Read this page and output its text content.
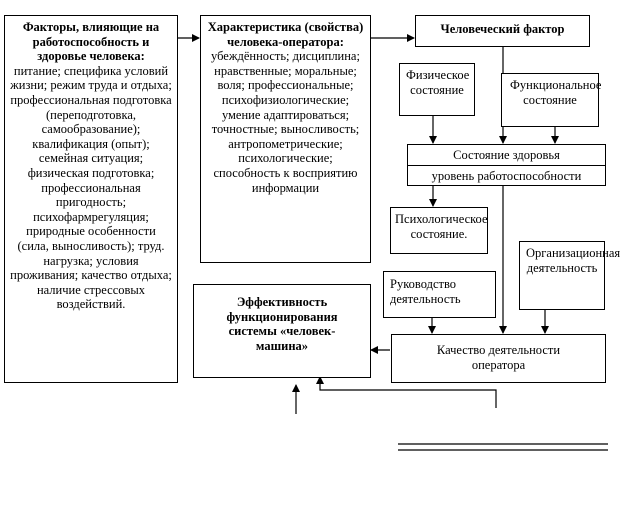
Факторы, влияющие на работоспособность и здоровье человека:
питание; специфика условий жизни; режим труда и отдыха; профессиональная подготовка (переподготовка, самообразование); квалификация (опыт); семейная ситуация; физическая подготовка; профессиональная пригодность; психофармрегуляция; природные особенности (сила, выносливость); труд. нагрузка; условия проживания; качество отдыха; наличие стрессовых воздействий.
Характеристика (свойства) человека-оператора:
убеждённость; дисциплина; нравственные; моральные; воля; профессиональные; психофизиологические; умение адаптироваться; точностные; выносливость; антропометрические; психологические; способность к восприятию информации
Человеческий фактор
Физическое состояние	Функциональное состояние
Состояние здоровья
уровень работоспособности
Психологическое состояние.
Организационная деятельность
Руководство деятельность
Качество деятельности оператора
Эффективность функционирования системы «человек-машина»
